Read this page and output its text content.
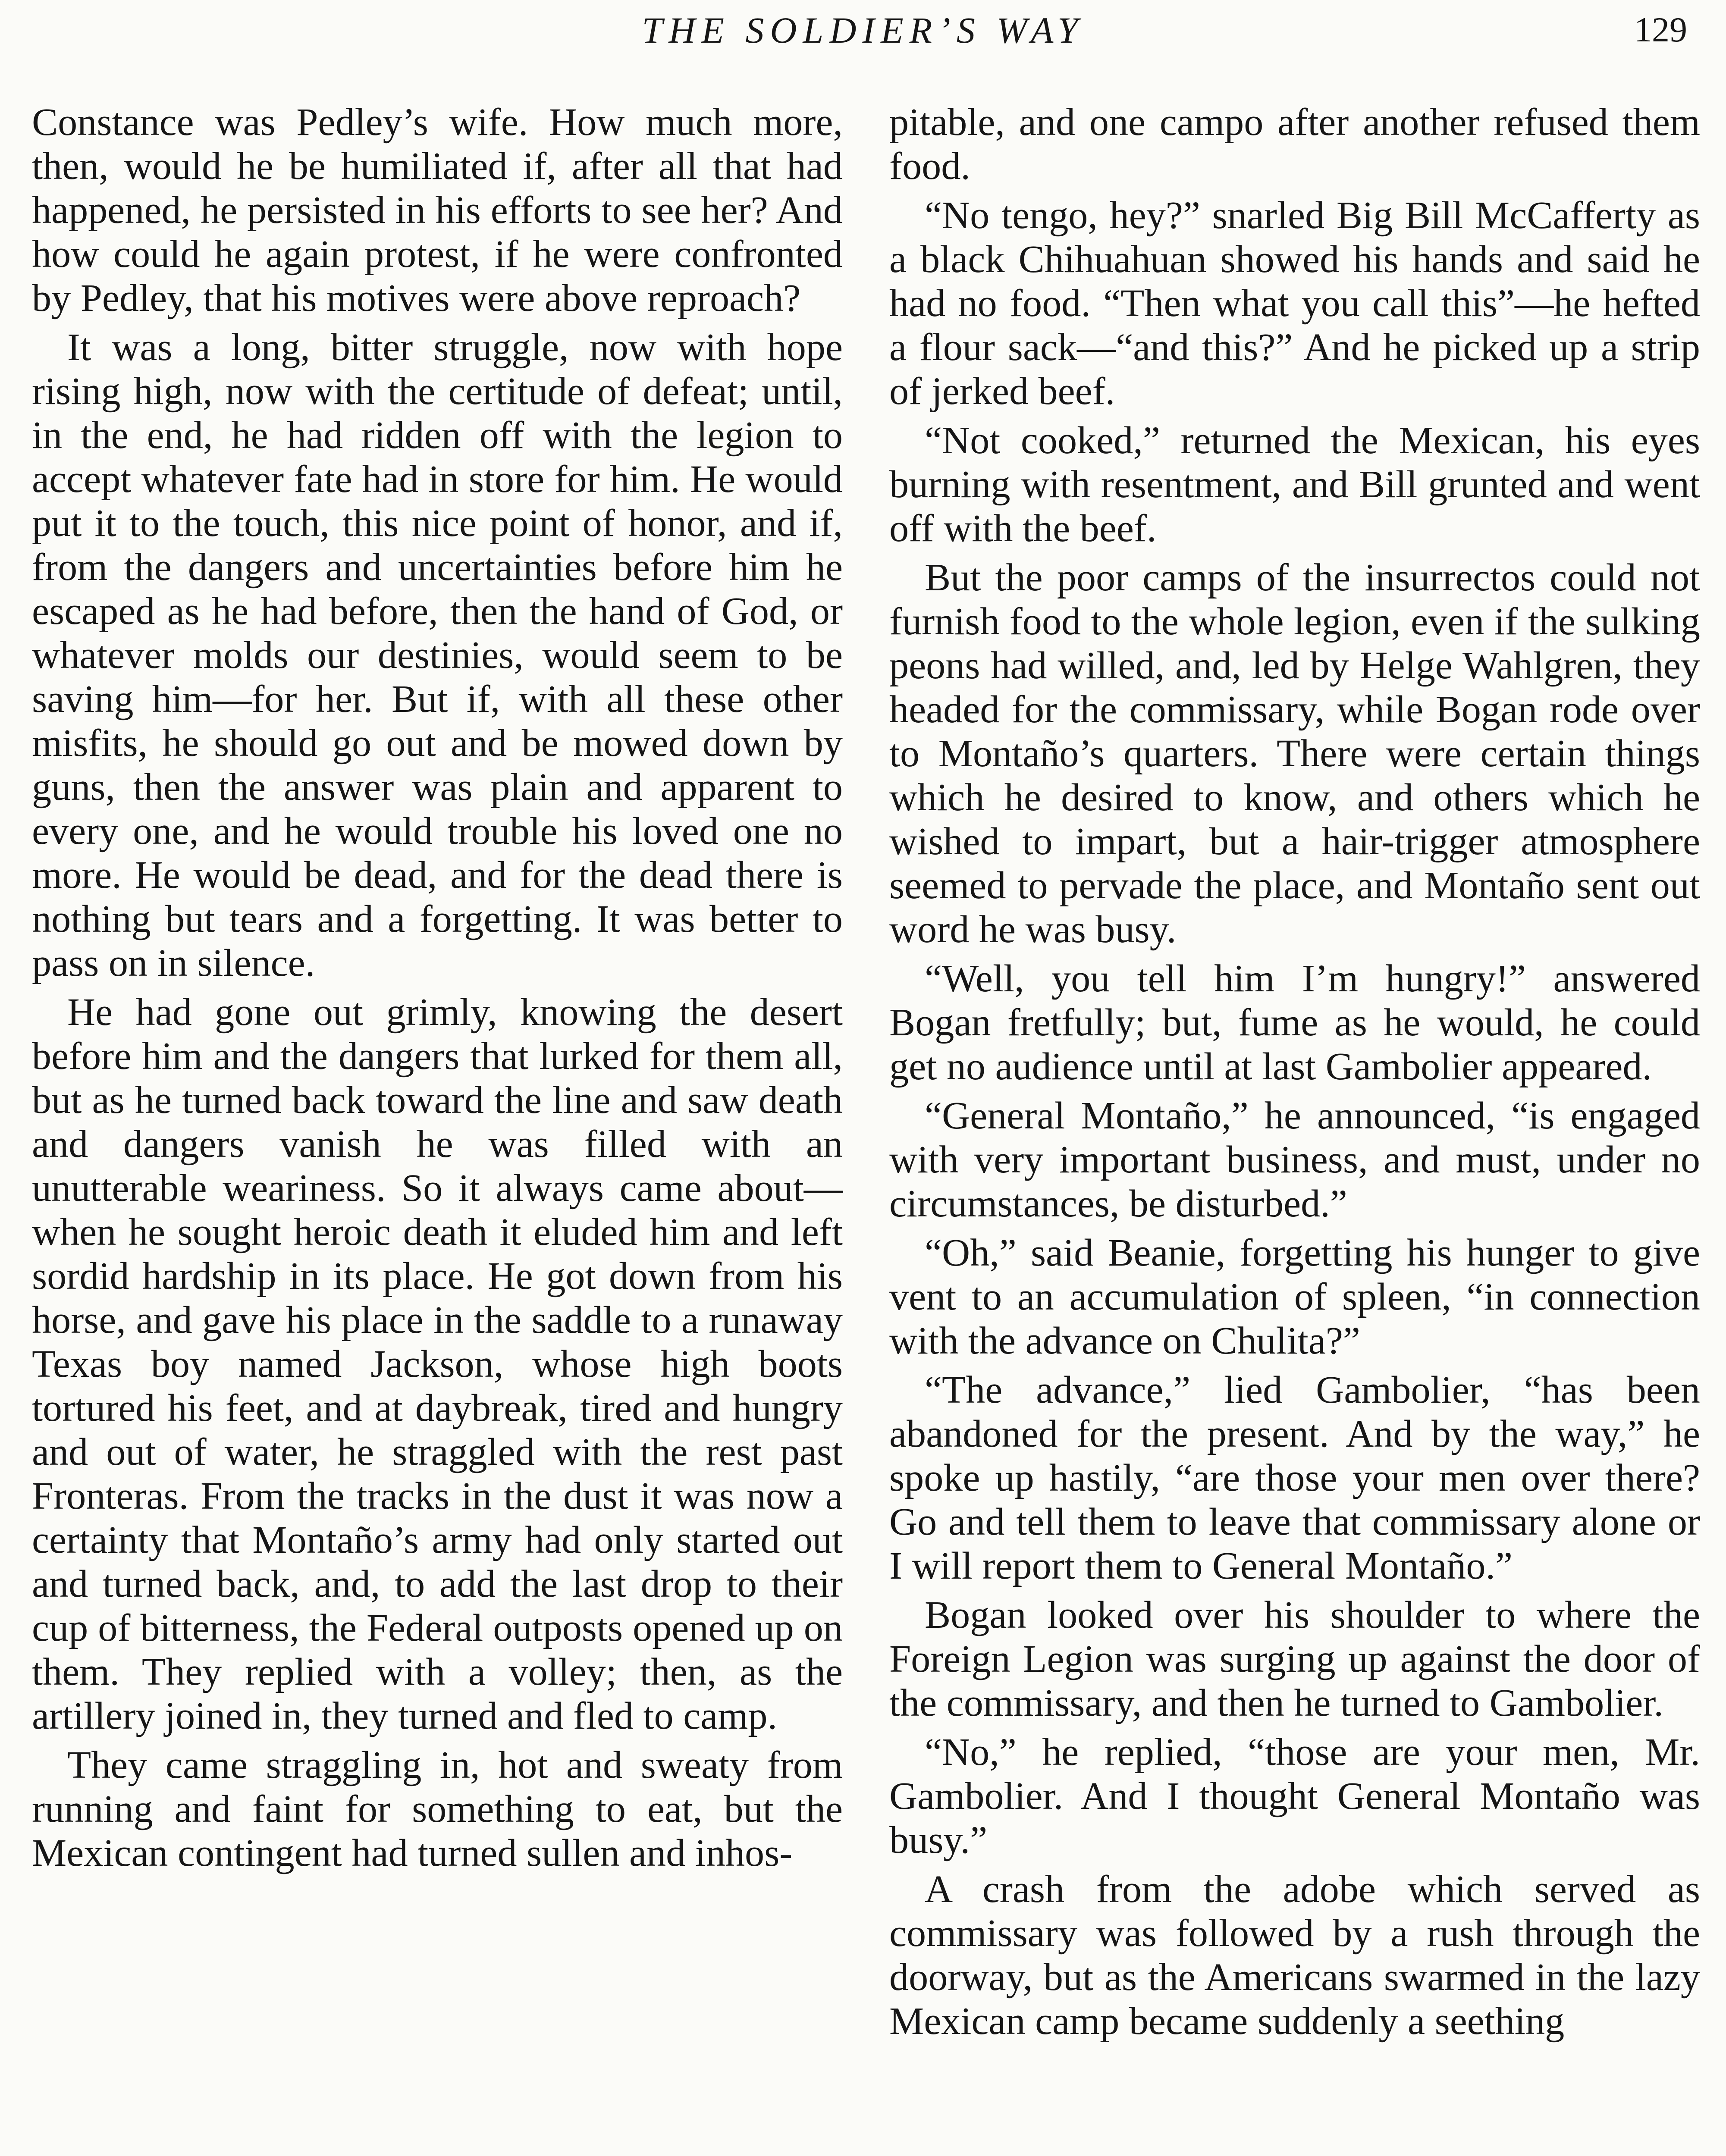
THE SOLDIER’S WAY	129

Constance was Pedley’s wife. How much more, then, would he be humiliated if, after all that had happened, he persisted in his efforts to see her? And how could he again protest, if he were confronted by Pedley, that his motives were above reproach?

It was a long, bitter struggle, now with hope rising high, now with the certitude of defeat; until, in the end, he had ridden off with the legion to accept whatever fate had in store for him. He would put it to the touch, this nice point of honor, and if, from the dangers and uncertainties before him he escaped as he had before, then the hand of God, or whatever molds our destinies, would seem to be saving him—for her. But if, with all these other misfits, he should go out and be mowed down by guns, then the answer was plain and apparent to every one, and he would trouble his loved one no more. He would be dead, and for the dead there is nothing but tears and a forgetting. It was better to pass on in silence.

He had gone out grimly, knowing the desert before him and the dangers that lurked for them all, but as he turned back toward the line and saw death and dangers vanish he was filled with an unutterable weariness. So it always came about—when he sought heroic death it eluded him and left sordid hardship in its place. He got down from his horse, and gave his place in the saddle to a runaway Texas boy named Jackson, whose high boots tortured his feet, and at daybreak, tired and hungry and out of water, he straggled with the rest past Fronteras. From the tracks in the dust it was now a certainty that Montaño’s army had only started out and turned back, and, to add the last drop to their cup of bitterness, the Federal outposts opened up on them. They replied with a volley; then, as the artillery joined in, they turned and fled to camp.

They came straggling in, hot and sweaty from running and faint for something to eat, but the Mexican contingent had turned sullen and inhos-

pitable, and one campo after another refused them food.

“No tengo, hey?” snarled Big Bill McCafferty as a black Chihuahuan showed his hands and said he had no food. “Then what you call this”—he hefted a flour sack—“and this?” And he picked up a strip of jerked beef.

“Not cooked,” returned the Mexican, his eyes burning with resentment, and Bill grunted and went off with the beef.

But the poor camps of the insurrectos could not furnish food to the whole legion, even if the sulking peons had willed, and, led by Helge Wahlgren, they headed for the commissary, while Bogan rode over to Montaño’s quarters. There were certain things which he desired to know, and others which he wished to impart, but a hair-trigger atmosphere seemed to pervade the place, and Montaño sent out word he was busy.

“Well, you tell him I’m hungry!” answered Bogan fretfully; but, fume as he would, he could get no audience until at last Gambolier appeared.

“General Montaño,” he announced, “is engaged with very important business, and must, under no circumstances, be disturbed.”

“Oh,” said Beanie, forgetting his hunger to give vent to an accumulation of spleen, “in connection with the advance on Chulita?”

“The advance,” lied Gambolier, “has been abandoned for the present. And by the way,” he spoke up hastily, “are those your men over there? Go and tell them to leave that commissary alone or I will report them to General Montaño.”

Bogan looked over his shoulder to where the Foreign Legion was surging up against the door of the commissary, and then he turned to Gambolier.

“No,” he replied, “those are your men, Mr. Gambolier. And I thought General Montaño was busy.”

A crash from the adobe which served as commissary was followed by a rush through the doorway, but as the Americans swarmed in the lazy Mexican camp became suddenly a seething
